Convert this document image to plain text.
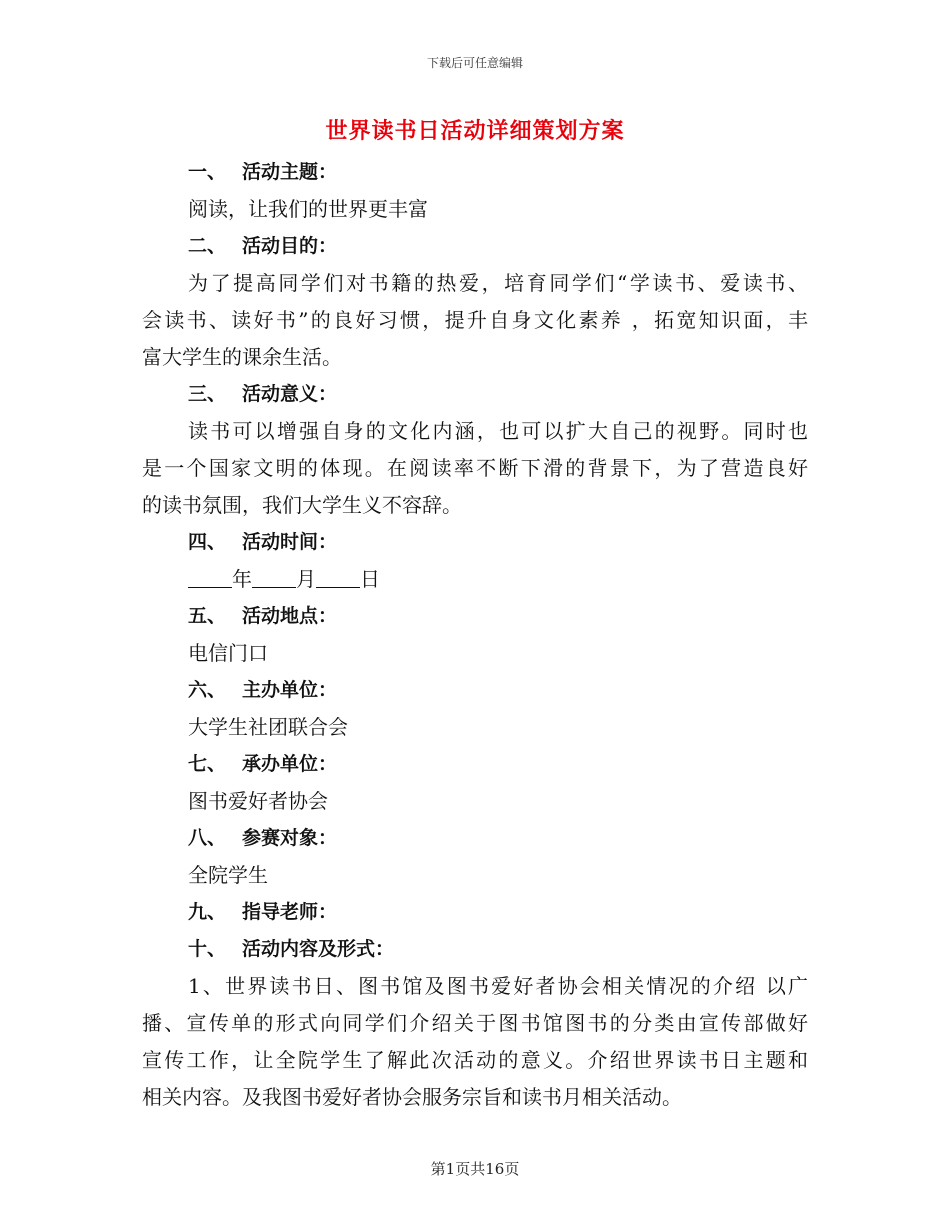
下载后可任意编辑
世界读书日活动详细策划方案
一、 活动主题：
阅读，让我们的世界更丰富
二、 活动目的：
为了提高同学们对书籍的热爱，培育同学们“学读书、爱读书、
会读书、读好书”的良好习惯，提升自身文化素养 ，拓宽知识面，丰
富大学生的课余生活。
三、 活动意义：
读书可以增强自身的文化内涵，也可以扩大自己的视野。同时也
是一个国家文明的体现。在阅读率不断下滑的背景下，为了营造良好
的读书氛围，我们大学生义不容辞。
四、 活动时间：
年 月 日
五、 活动地点：
电信门口
六、 主办单位：
大学生社团联合会
七、 承办单位：
图书爱好者协会
八、 参赛对象：
全院学生
九、 指导老师：
十、 活动内容及形式：
1、世界读书日、图书馆及图书爱好者协会相关情况的介绍 以广
播、宣传单的形式向同学们介绍关于图书馆图书的分类由宣传部做好
宣传工作，让全院学生了解此次活动的意义。介绍世界读书日主题和
相关内容。及我图书爱好者协会服务宗旨和读书月相关活动。
第1页共16页
